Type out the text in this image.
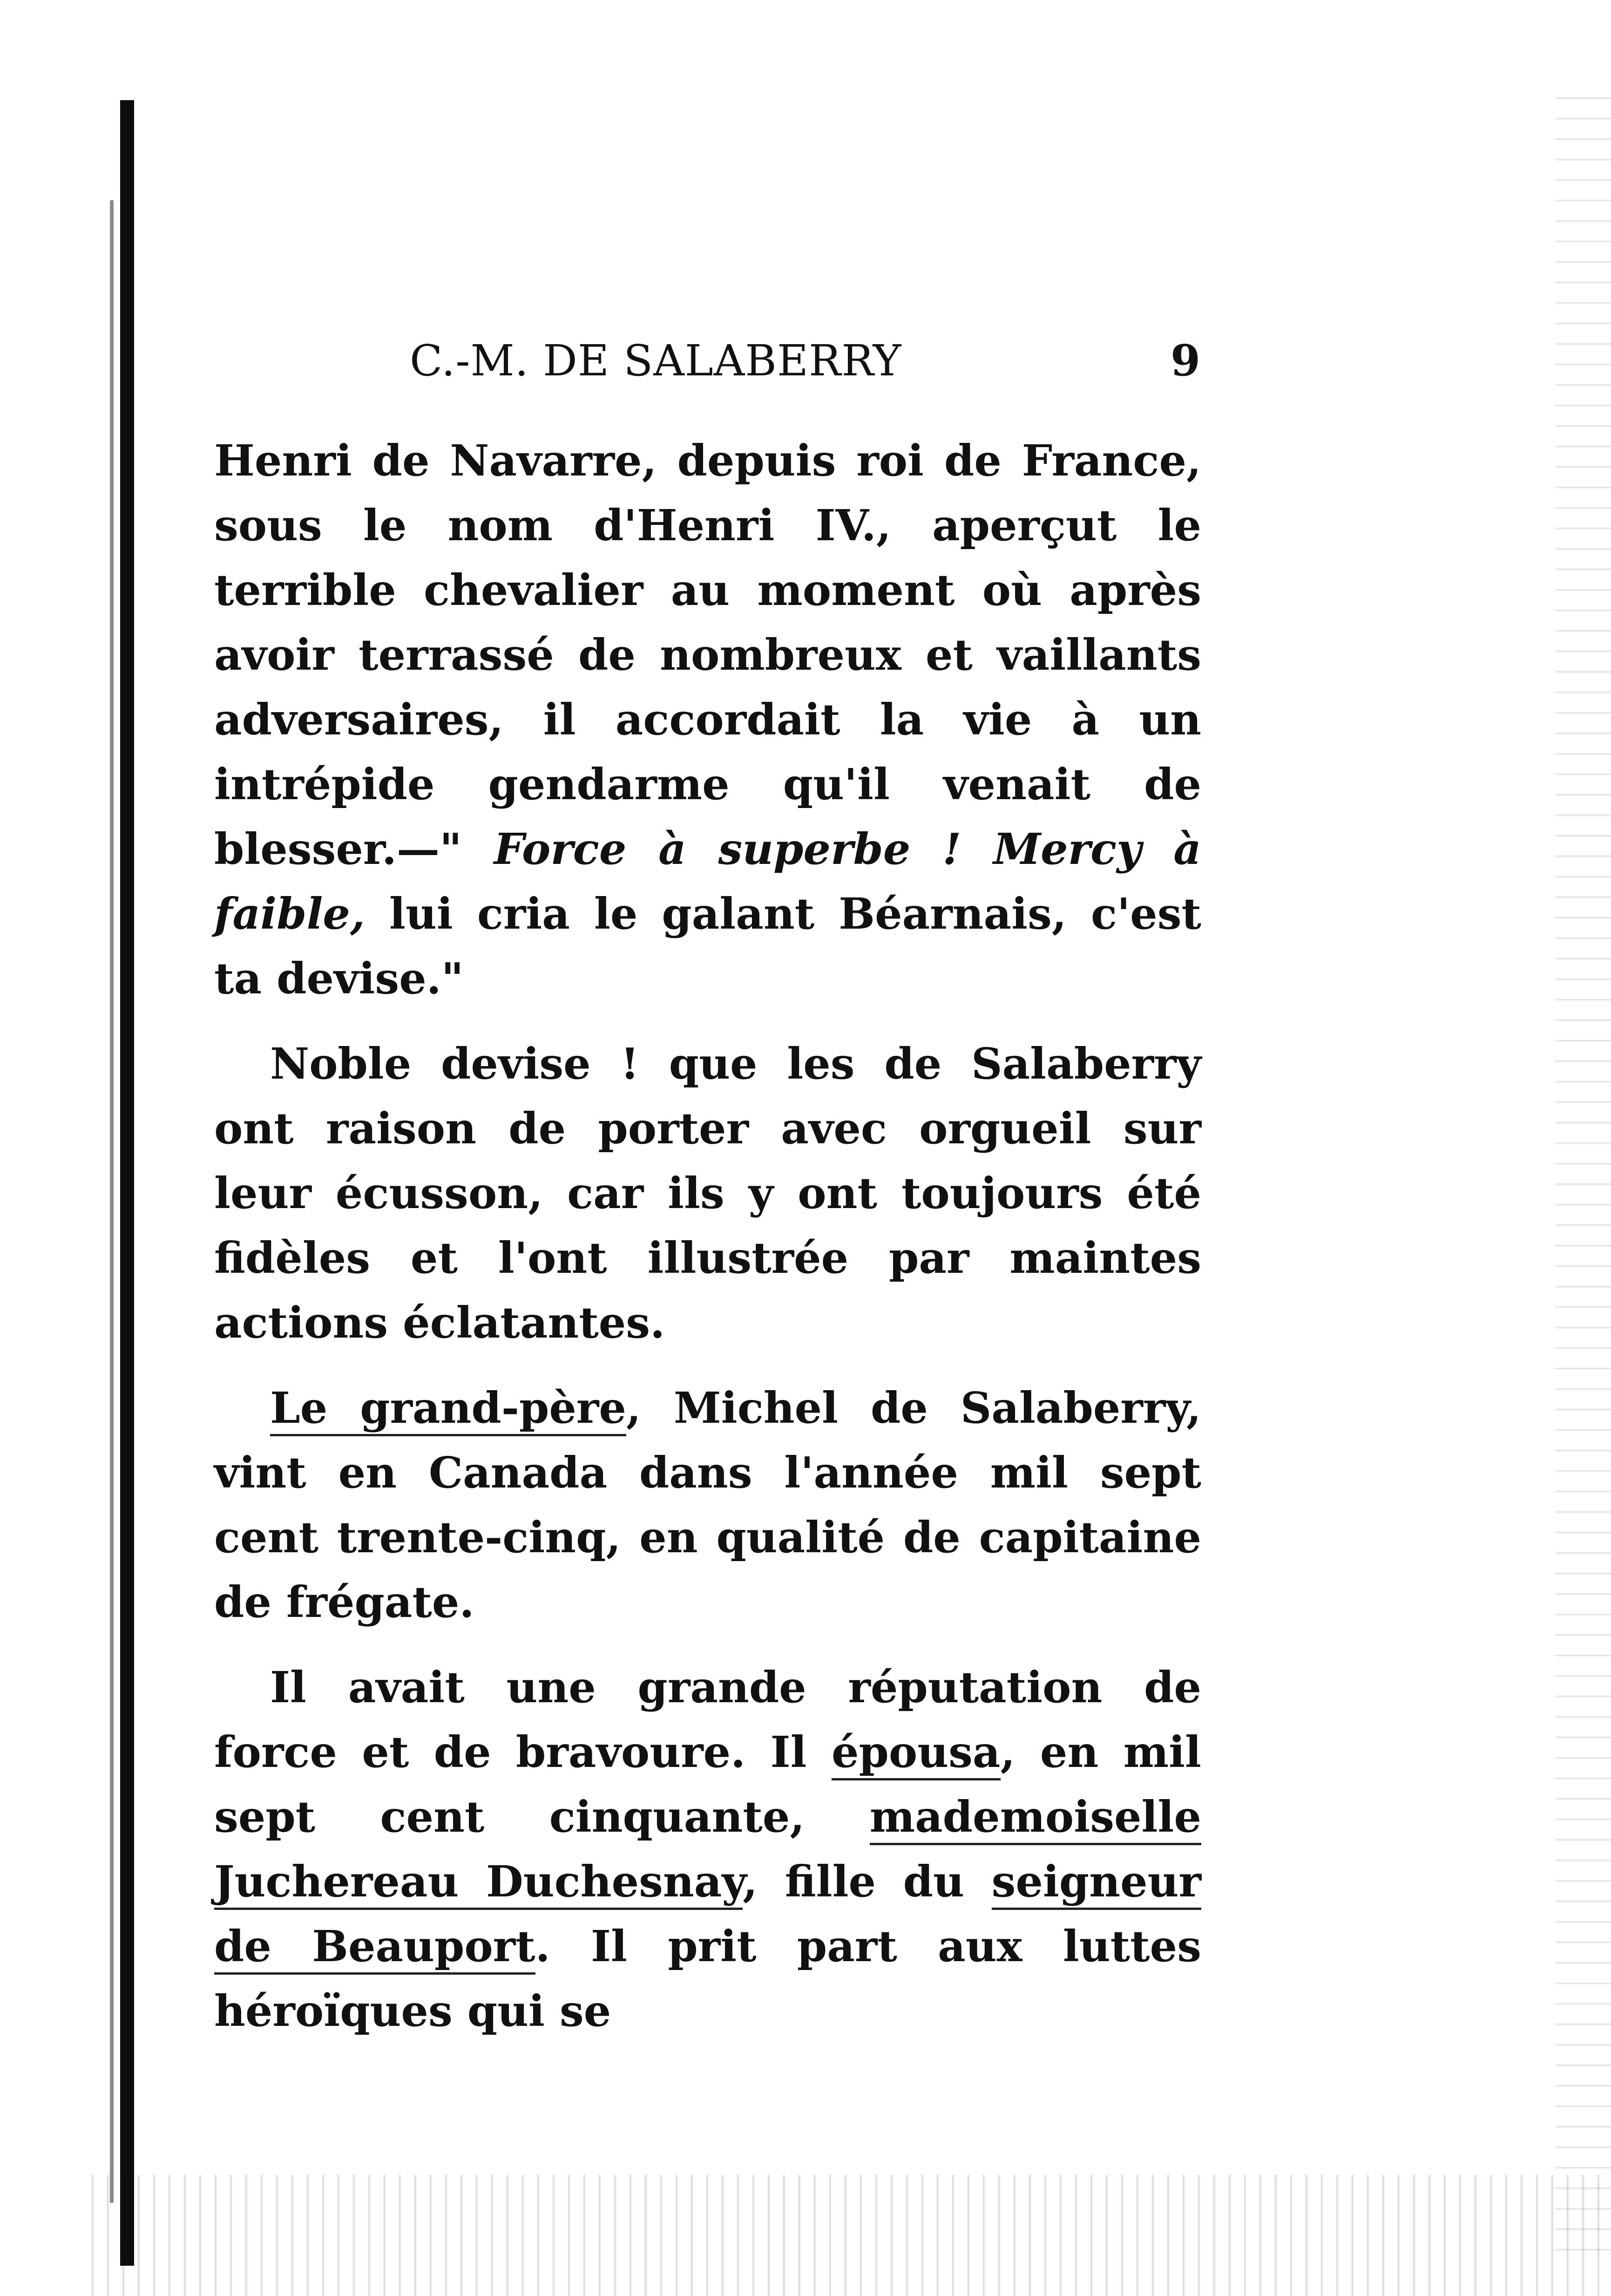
C.-M. DE SALABERRY	9

Henri de Navarre, depuis roi de France, sous le nom d'Henri IV., aperçut le terrible chevalier au moment où après avoir terrassé de nombreux et vaillants adversaires, il accordait la vie à un intrépide gendarme qu'il venait de blesser.—" Force à superbe ! Mercy à faible, lui cria le galant Béarnais, c'est ta devise."

Noble devise ! que les de Salaberry ont raison de porter avec orgueil sur leur écusson, car ils y ont toujours été fidèles et l'ont illustrée par maintes actions éclatantes.

Le grand-père, Michel de Salaberry, vint en Canada dans l'année mil sept cent trente-cinq, en qualité de capitaine de frégate.

Il avait une grande réputation de force et de bravoure. Il épousa, en mil sept cent cinquante, mademoiselle Juchereau Duchesnay, fille du seigneur de Beauport. Il prit part aux luttes héroïques qui se
